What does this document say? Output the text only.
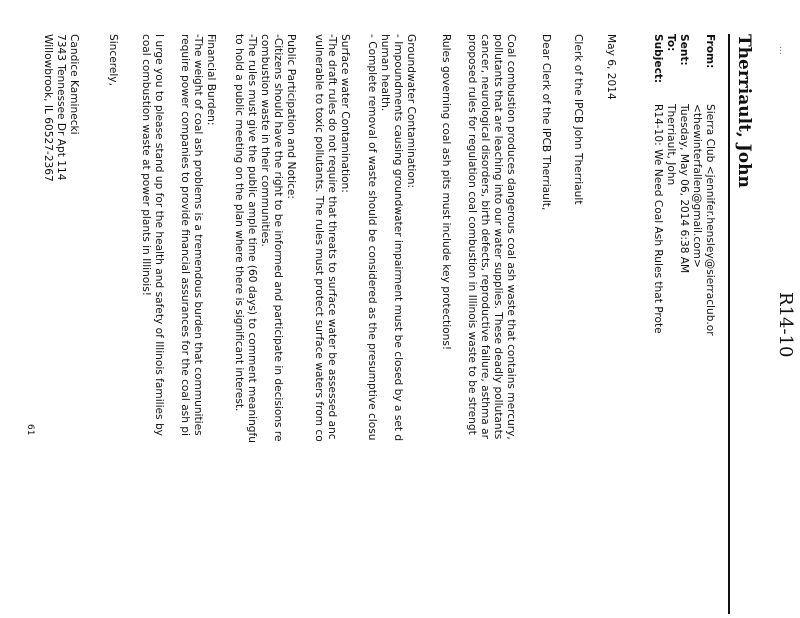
...
R14-10
Therriault, John
- - - - - - - - - - -
From:
Sierra Club <jennifer.hensley@sierraclub.or
<thewinterfallen@gmail.com>
Sent:
Tuesday, May 06, 2014 6:38 AM
To:
Therriault, John
Subject:
R14-10: We Need Coal Ash Rules that Prote
May 6, 2014
Clerk of the IPCB John Therriault
Dear Clerk of the IPCB Therriault,
Coal combustion produces dangerous coal ash waste that contains mercury,
pollutants that are leaching into our water supplies. These deadly pollutants
cancer, neurological disorders, birth defects, reproductive failure, asthma ar
proposed rules for regulation coal combustion in Illinois waste to be strengt
Rules governing coal ash pits must include key protections!
Groundwater Contamination:
- Impoundments causing groundwater impairment must be closed by a set d
human health.
- Complete removal of waste should be considered as the presumptive closu
Surface water Contamination:
-The draft rules do not require that threats to surface water be assessed anc
vulnerable to toxic pollutants. The rules must protect surface waters from co
Public Participation and Notice:
-Citizens should have the right to be informed and participate in decisions re
combustion waste in their communities.
-The rules must give the public ample time (60 days) to comment meaningfu
to hold a public meeting on the plan where there is significant interest.
Financial Burden:
-The weight of coal ash problems is a tremendous burden that communities
require power companies to provide financial assurances for the coal ash pi
I urge you to please stand up for the health and safety of Illinois families by
coal combustion waste at power plants in Illinois!
Sincerely,
Candice Kaminecki
7343 Tennessee Dr Apt 114
Willowbrook, IL 60527-2367
61
